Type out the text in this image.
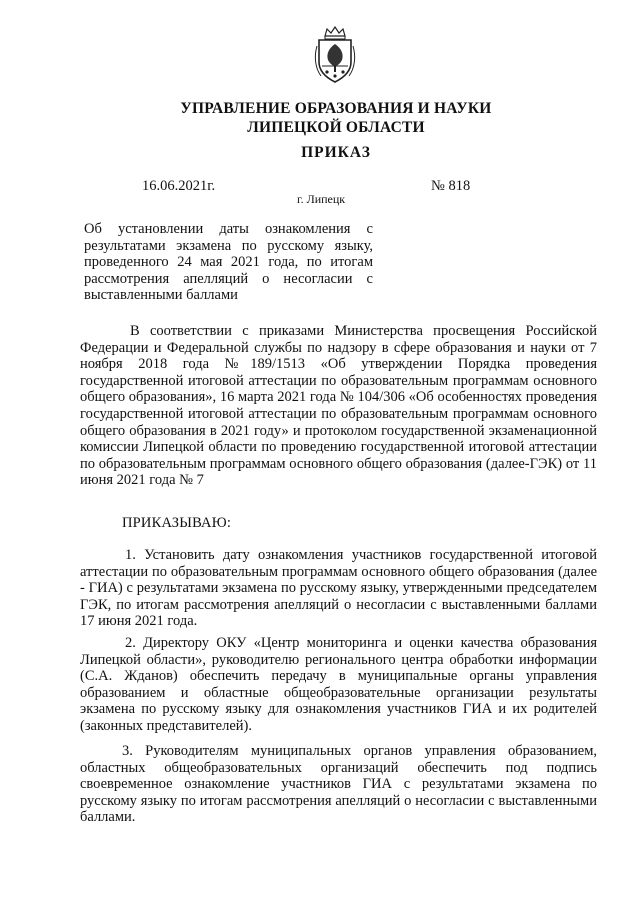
УПРАВЛЕНИЕ ОБРАЗОВАНИЯ И НАУКИ
ЛИПЕЦКОЙ ОБЛАСТИ
ПРИКАЗ
16.06.2021г.
г. Липецк
№ 818
Об установлении даты ознакомления с результатами экзамена по русскому языку, проведенного 24 мая 2021 года, по итогам рассмотрения апелляций о несогласии с выставленными баллами

В соответствии с приказами Министерства просвещения Российской Федерации и Федеральной службы по надзору в сфере образования и науки от 7 ноября 2018 года №189/1513 «Об утверждении Порядка проведения государственной итоговой аттестации по образовательным программам основного общего образования», 16 марта 2021 года № 104/306 «Об особенностях проведения государственной итоговой аттестации по образовательным программам основного общего образования в 2021 году» и протоколом государственной экзаменационной комиссии Липецкой области по проведению государственной итоговой аттестации по образовательным программам основного общего образования (далее-ГЭК) от 11 июня 2021 года № 7

ПРИКАЗЫВАЮ:

1. Установить дату ознакомления участников государственной итоговой аттестации по образовательным программам основного общего образования (далее - ГИА) с результатами экзамена по русскому языку, утвержденными председателем ГЭК, по итогам рассмотрения апелляций о несогласии с выставленными баллами 17 июня 2021 года.

2. Директору ОКУ «Центр мониторинга и оценки качества образования Липецкой области», руководителю регионального центра обработки информации (С.А. Жданов) обеспечить передачу в муниципальные органы управления образованием и областные общеобразовательные организации результаты экзамена по русскому языку для ознакомления участников ГИА и их родителей (законных представителей).

3. Руководителям муниципальных органов управления образованием, областных общеобразовательных организаций обеспечить под подпись своевременное ознакомление участников ГИА с результатами экзамена по русскому языку по итогам рассмотрения апелляций о несогласии с выставленными баллами.
